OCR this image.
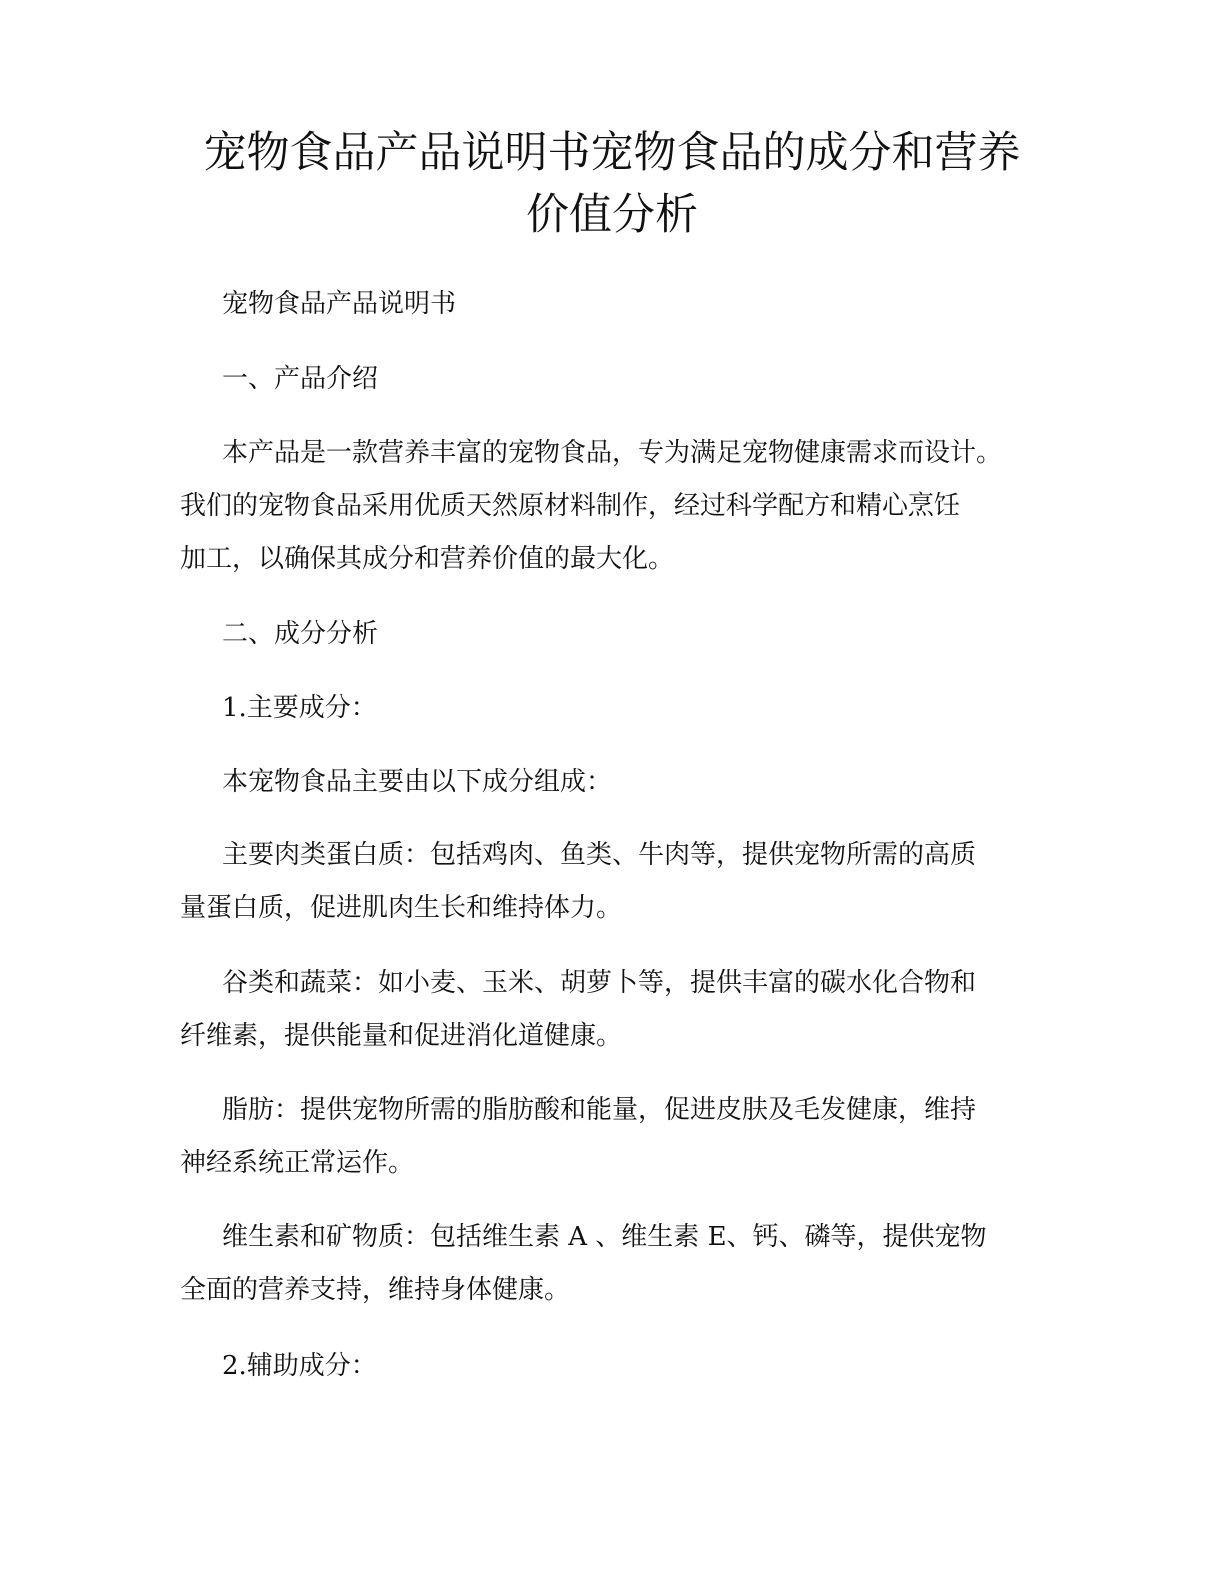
宠物食品产品说明书宠物食品的成分和营养
价值分析

宠物食品产品说明书

一、产品介绍

本产品是一款营养丰富的宠物食品，专为满足宠物健康需求而设计。
我们的宠物食品采用优质天然原材料制作，经过科学配方和精心烹饪
加工，以确保其成分和营养价值的最大化。

二、成分分析

1.主要成分：

本宠物食品主要由以下成分组成：

主要肉类蛋白质：包括鸡肉、鱼类、牛肉等，提供宠物所需的高质
量蛋白质，促进肌肉生长和维持体力。

谷类和蔬菜：如小麦、玉米、胡萝卜等，提供丰富的碳水化合物和
纤维素，提供能量和促进消化道健康。

脂肪：提供宠物所需的脂肪酸和能量，促进皮肤及毛发健康，维持
神经系统正常运作。

维生素和矿物质：包括维生素 A 、维生素 E、钙、磷等，提供宠物
全面的营养支持，维持身体健康。

2.辅助成分：
